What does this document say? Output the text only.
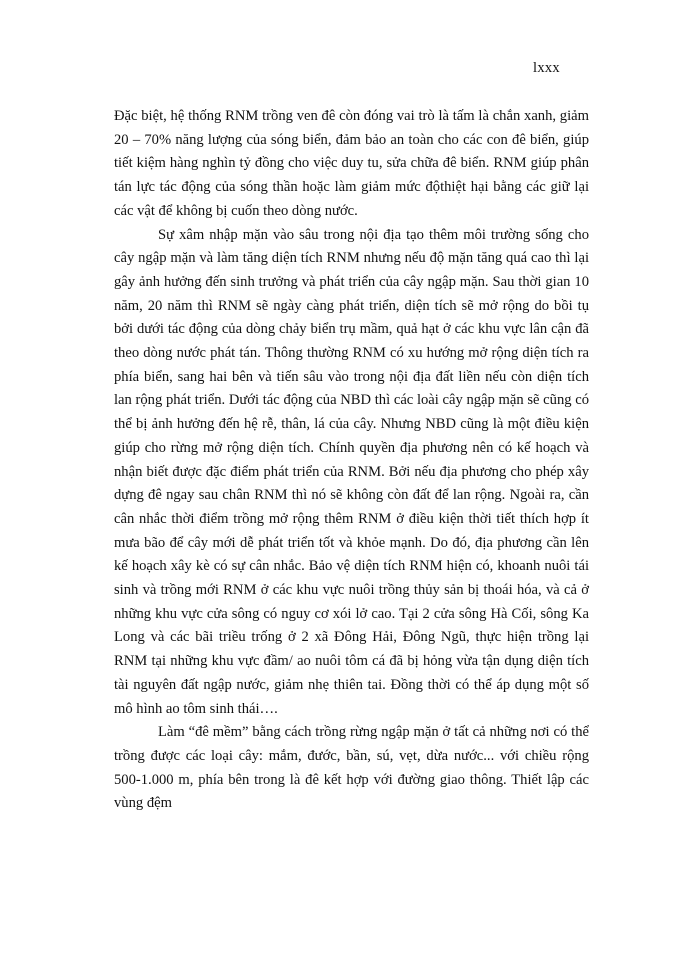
lxxx

Đặc biệt, hệ thống RNM trồng ven đê còn đóng vai trò là tấm là chắn xanh, giảm 20 – 70% năng lượng của sóng biển, đảm bảo an toàn cho các con đê biển, giúp tiết kiệm hàng nghìn tỷ đồng cho việc duy tu, sửa chữa đê biển. RNM giúp phân tán lực tác động của sóng thần hoặc làm giảm mức độthiệt hại bằng các giữ lại các vật để không bị cuốn theo dòng nước.

Sự xâm nhập mặn vào sâu trong nội địa tạo thêm môi trường sống cho cây ngập mặn và làm tăng diện tích RNM nhưng nếu độ mặn tăng quá cao thì lại gây ảnh hưởng đến sinh trưởng và phát triển của cây ngập mặn. Sau thời gian 10 năm, 20 năm thì RNM sẽ ngày càng phát triển, diện tích sẽ mở rộng do bồi tụ bởi dưới tác động của dòng chảy biển trụ mầm, quả hạt ở các khu vực lân cận đã theo dòng nước phát tán. Thông thường RNM có xu hướng mở rộng diện tích ra phía biển, sang hai bên và tiến sâu vào trong nội địa đất liền nếu còn diện tích lan rộng phát triển. Dưới tác động của NBD thì các loài cây ngập mặn sẽ cũng có thể bị ảnh hưởng đến hệ rễ, thân, lá của cây. Nhưng NBD cũng là một điều kiện giúp cho rừng mở rộng diện tích. Chính quyền địa phương nên có kế hoạch và nhận biết được đặc điểm phát triển của RNM. Bởi nếu địa phương cho phép xây dựng đê ngay sau chân RNM thì nó sẽ không còn đất để lan rộng. Ngoài ra, cần cân nhắc thời điểm trồng mở rộng thêm RNM ở điều kiện thời tiết thích hợp ít mưa bão để cây mới dễ phát triển tốt và khỏe mạnh. Do đó, địa phương cần lên kế hoạch xây kè có sự cân nhắc. Bảo vệ diện tích RNM hiện có, khoanh nuôi tái sinh và trồng mới RNM ở các khu vực nuôi trồng thủy sản bị thoái hóa, và cả ở những khu vực cửa sông có nguy cơ xói lở cao. Tại 2 cửa sông Hà Cối, sông Ka Long và các bãi triều trống ở 2 xã Đông Hải, Đông Ngũ, thực hiện trồng lại RNM tại những khu vực đầm/ ao nuôi tôm cá đã bị hỏng vừa tận dụng diện tích tài nguyên đất ngập nước, giảm nhẹ thiên tai. Đồng thời có thể áp dụng một số mô hình ao tôm sinh thái….

Làm “đê mềm” bằng cách trồng rừng ngập mặn ở tất cả những nơi có thể trồng được các loại cây: mắm, đước, bần, sú, vẹt, dừa nước... với chiều rộng 500-1.000 m, phía bên trong là đê kết hợp với đường giao thông. Thiết lập các vùng đệm
